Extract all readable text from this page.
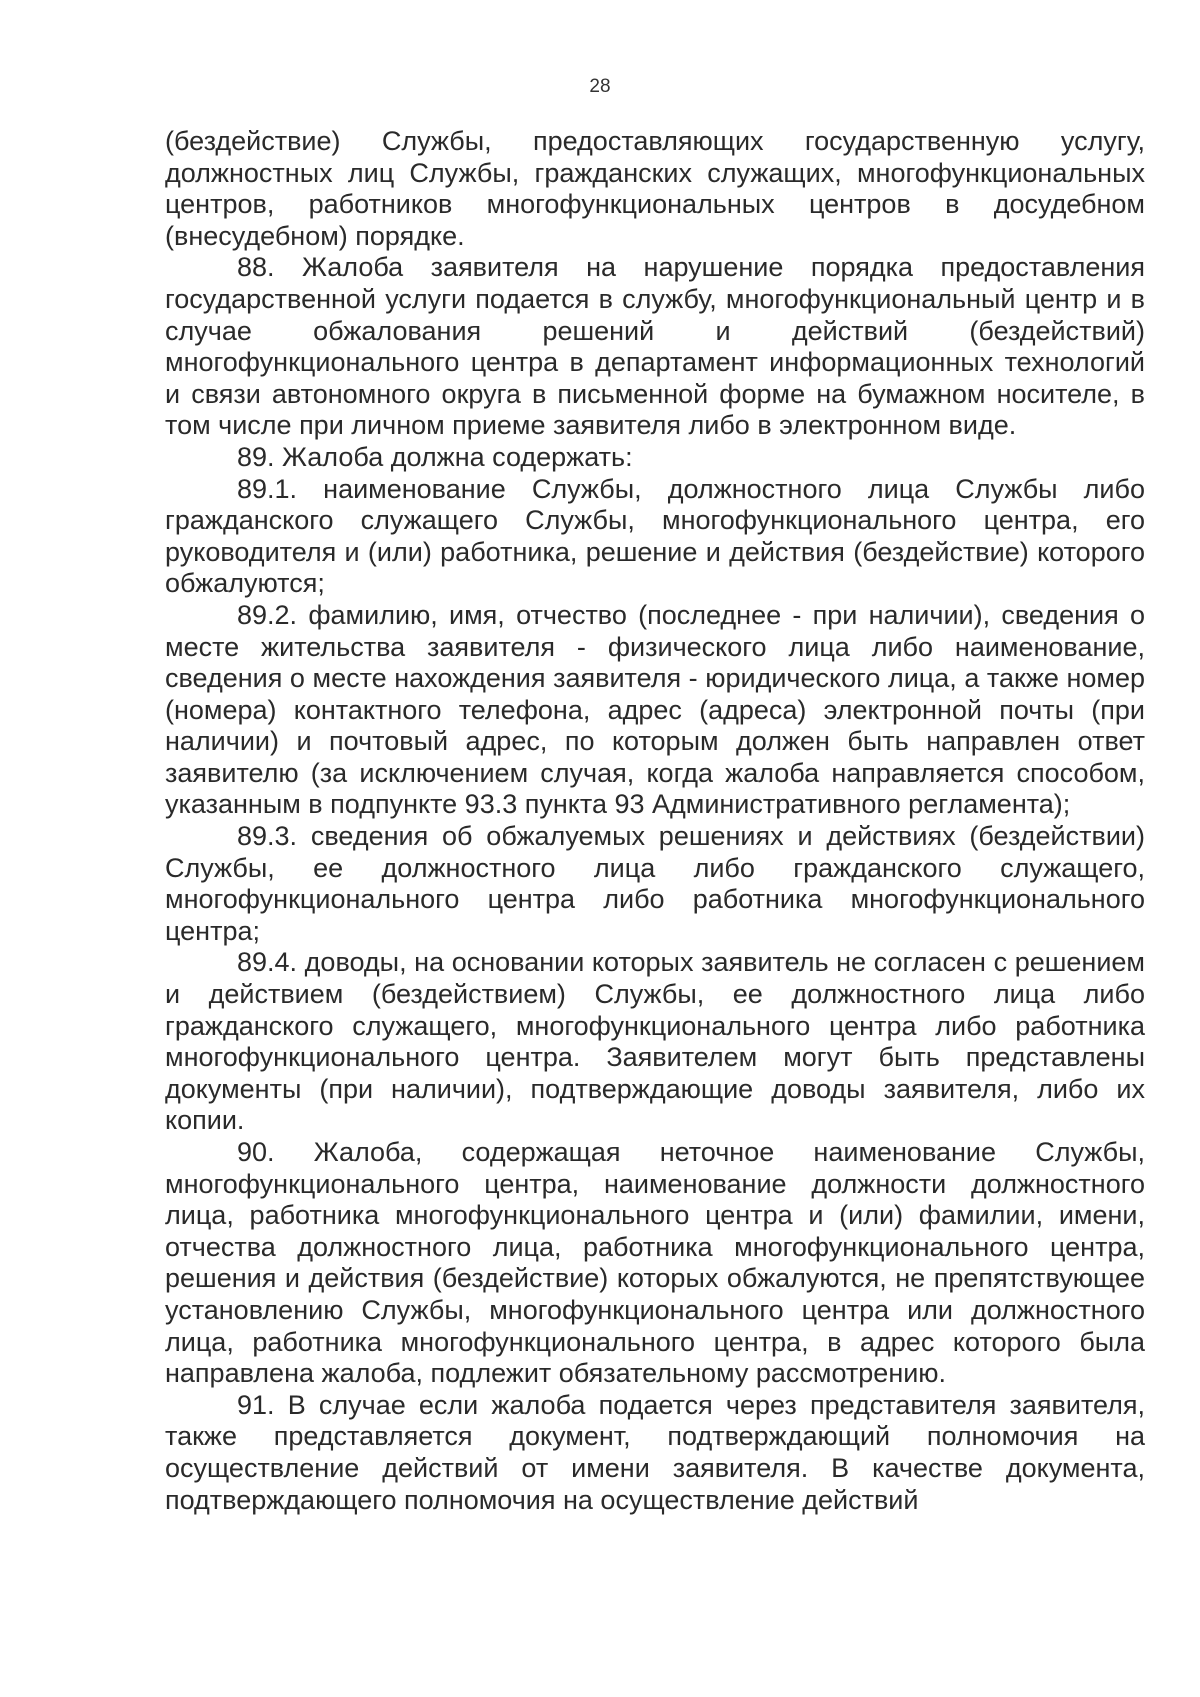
28

(бездействие) Службы, предоставляющих государственную услугу, должностных лиц Службы, гражданских служащих, многофункциональных центров, работников многофункциональных центров в досудебном (внесудебном) порядке.

88. Жалоба заявителя на нарушение порядка предоставления государственной услуги подается в службу, многофункциональный центр и в случае обжалования решений и действий (бездействий) многофункционального центра в департамент информационных технологий и связи автономного округа в письменной форме на бумажном носителе, в том числе при личном приеме заявителя либо в электронном виде.

89. Жалоба должна содержать:

89.1. наименование Службы, должностного лица Службы либо гражданского служащего Службы, многофункционального центра, его руководителя и (или) работника, решение и действия (бездействие) которого обжалуются;

89.2. фамилию, имя, отчество (последнее - при наличии), сведения о месте жительства заявителя - физического лица либо наименование, сведения о месте нахождения заявителя - юридического лица, а также номер (номера) контактного телефона, адрес (адреса) электронной почты (при наличии) и почтовый адрес, по которым должен быть направлен ответ заявителю (за исключением случая, когда жалоба направляется способом, указанным в подпункте 93.3 пункта 93 Административного регламента);

89.3. сведения об обжалуемых решениях и действиях (бездействии) Службы, ее должностного лица либо гражданского служащего, многофункционального центра либо работника многофункционального центра;

89.4. доводы, на основании которых заявитель не согласен с решением и действием (бездействием) Службы, ее должностного лица либо гражданского служащего, многофункционального центра либо работника многофункционального центра. Заявителем могут быть представлены документы (при наличии), подтверждающие доводы заявителя, либо их копии.

90. Жалоба, содержащая неточное наименование Службы, многофункционального центра, наименование должности должностного лица, работника многофункционального центра и (или) фамилии, имени, отчества должностного лица, работника многофункционального центра, решения и действия (бездействие) которых обжалуются, не препятствующее установлению Службы, многофункционального центра или должностного лица, работника многофункционального центра, в адрес которого была направлена жалоба, подлежит обязательному рассмотрению.

91. В случае если жалоба подается через представителя заявителя, также представляется документ, подтверждающий полномочия на осуществление действий от имени заявителя. В качестве документа, подтверждающего полномочия на осуществление действий
